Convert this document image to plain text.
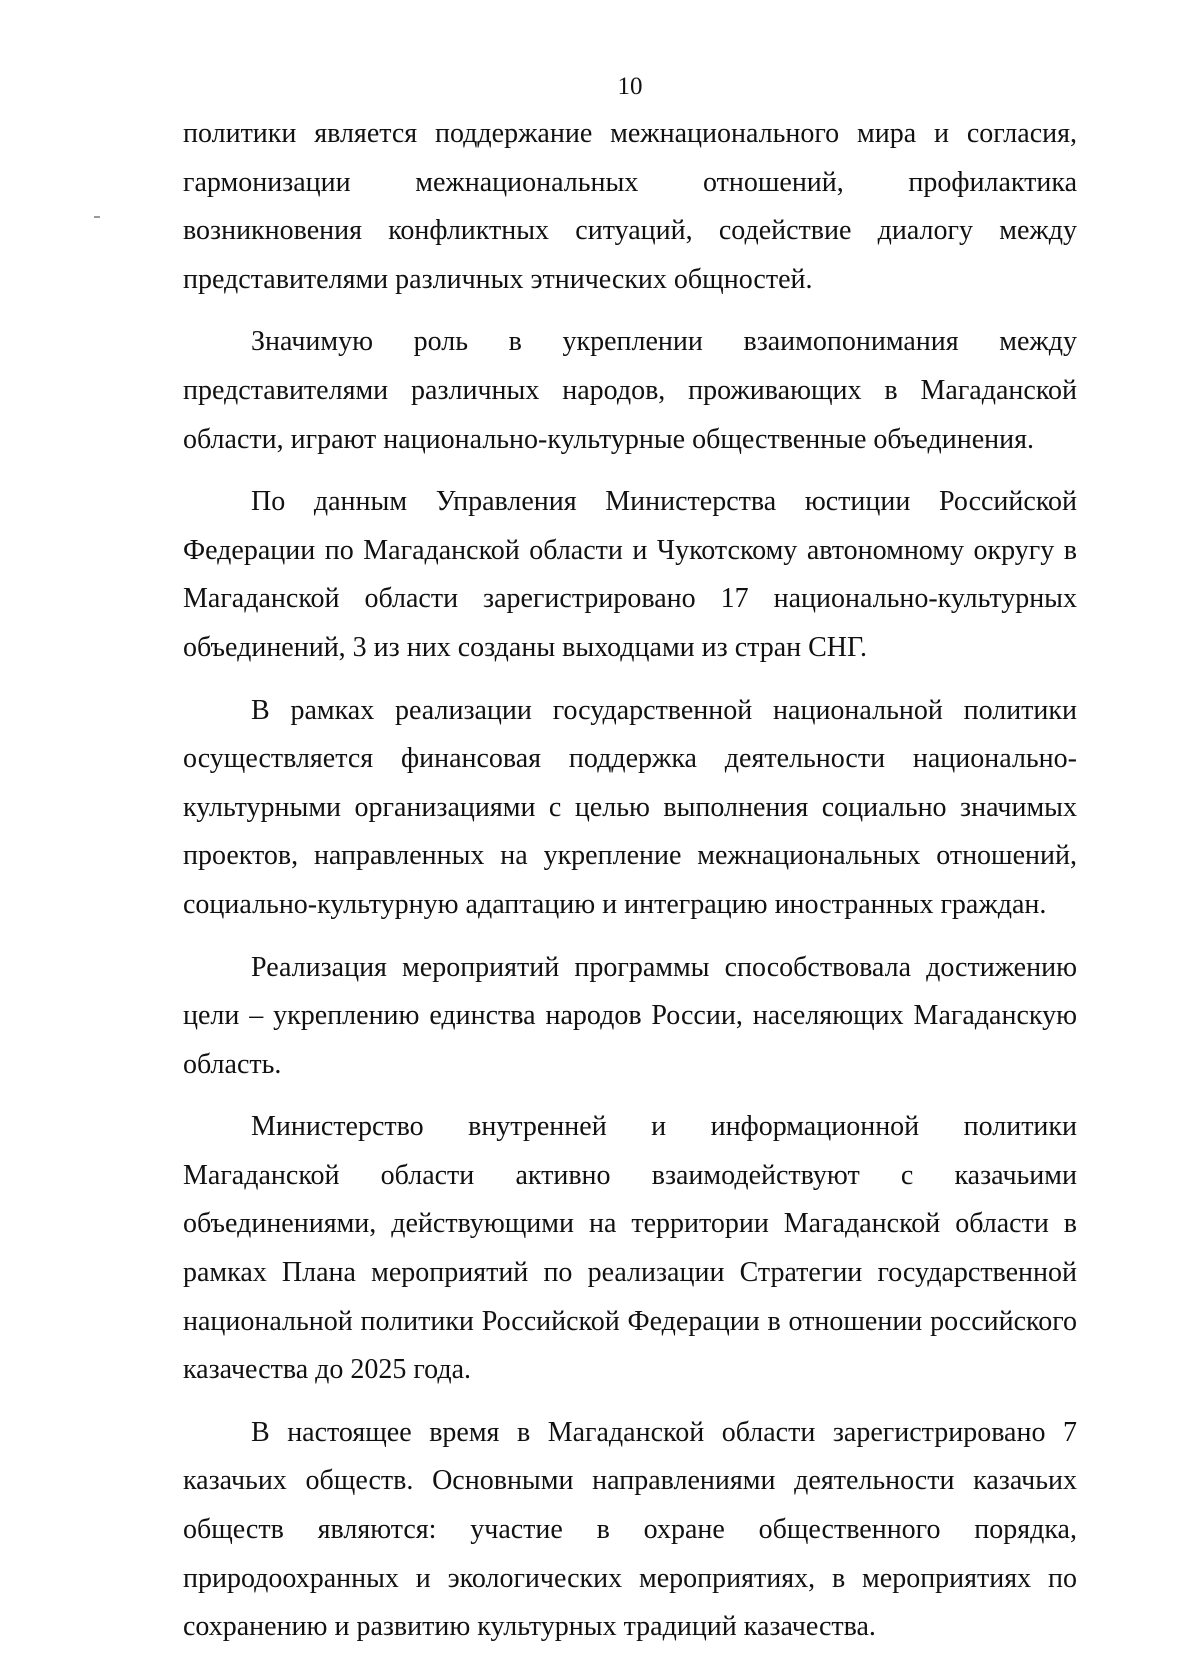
10

политики является поддержание межнационального мира и согласия, гармонизации межнациональных отношений, профилактика возникновения конфликтных ситуаций, содействие диалогу между представителями различных этнических общностей.

Значимую роль в укреплении взаимопонимания между представителями различных народов, проживающих в Магаданской области, играют национально-культурные общественные объединения.

По данным Управления Министерства юстиции Российской Федерации по Магаданской области и Чукотскому автономному округу в Магаданской области зарегистрировано 17 национально-культурных объединений, 3 из них созданы выходцами из стран СНГ.

В рамках реализации государственной национальной политики осуществляется финансовая поддержка деятельности национально-культурными организациями с целью выполнения социально значимых проектов, направленных на укрепление межнациональных отношений, социально-культурную адаптацию и интеграцию иностранных граждан.

Реализация мероприятий программы способствовала достижению цели – укреплению единства народов России, населяющих Магаданскую область.

Министерство внутренней и информационной политики Магаданской области активно взаимодействуют с казачьими объединениями, действующими на территории Магаданской области в рамках Плана мероприятий по реализации Стратегии государственной национальной политики Российской Федерации в отношении российского казачества до 2025 года.

В настоящее время в Магаданской области зарегистрировано 7 казачьих обществ. Основными направлениями деятельности казачьих обществ являются: участие в охране общественного порядка, природоохранных и экологических мероприятиях, в мероприятиях по сохранению и развитию культурных традиций казачества.
